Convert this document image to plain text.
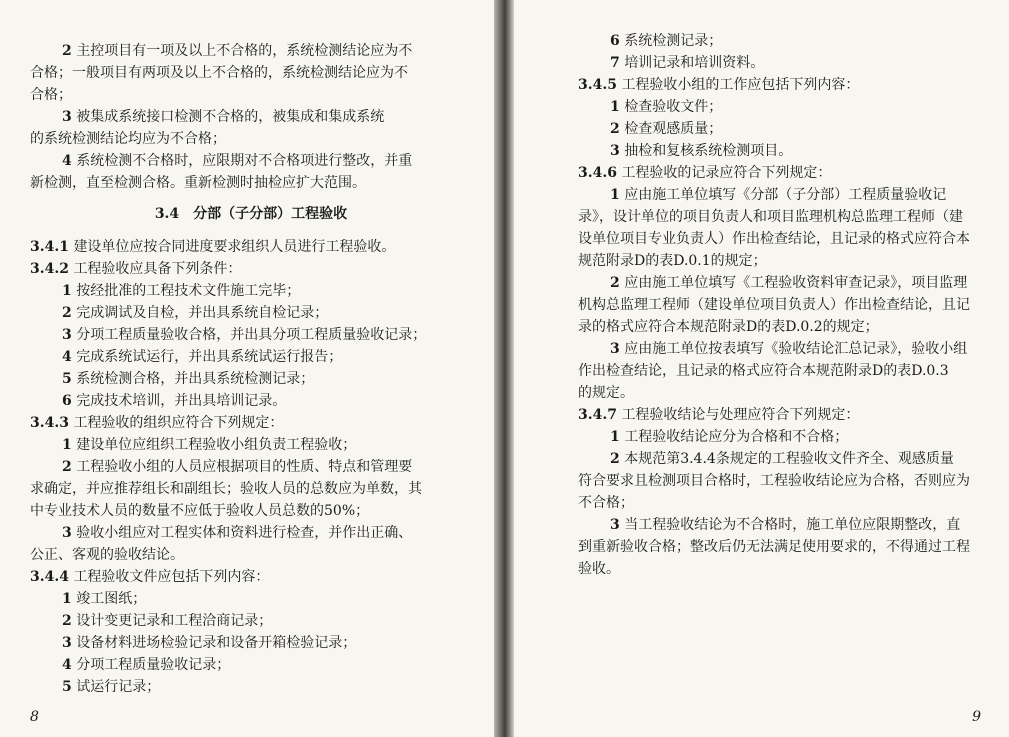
2 主控项目有一项及以上不合格的，系统检测结论应为不
合格；一般项目有两项及以上不合格的，系统检测结论应为不
合格；
3 被集成系统接口检测不合格的，被集成和集成系统
的系统检测结论均应为不合格；
4 系统检测不合格时，应限期对不合格项进行整改，并重
新检测，直至检测合格。重新检测时抽检应扩大范围。
3.4　分部（子分部）工程验收
3.4.1 建设单位应按合同进度要求组织人员进行工程验收。
3.4.2 工程验收应具备下列条件：
1 按经批准的工程技术文件施工完毕；
2 完成调试及自检，并出具系统自检记录；
3 分项工程质量验收合格，并出具分项工程质量验收记录；
4 完成系统试运行，并出具系统试运行报告；
5 系统检测合格，并出具系统检测记录；
6 完成技术培训，并出具培训记录。
3.4.3 工程验收的组织应符合下列规定：
1 建设单位应组织工程验收小组负责工程验收；
2 工程验收小组的人员应根据项目的性质、特点和管理要
求确定，并应推荐组长和副组长；验收人员的总数应为单数，其
中专业技术人员的数量不应低于验收人员总数的50%；
3 验收小组应对工程实体和资料进行检查，并作出正确、
公正、客观的验收结论。
3.4.4 工程验收文件应包括下列内容：
1 竣工图纸；
2 设计变更记录和工程洽商记录；
3 设备材料进场检验记录和设备开箱检验记录；
4 分项工程质量验收记录；
5 试运行记录；
8
6 系统检测记录；
7 培训记录和培训资料。
3.4.5 工程验收小组的工作应包括下列内容：
1 检查验收文件；
2 检查观感质量；
3 抽检和复核系统检测项目。
3.4.6 工程验收的记录应符合下列规定：
1 应由施工单位填写《分部（子分部）工程质量验收记
录》，设计单位的项目负责人和项目监理机构总监理工程师（建
设单位项目专业负责人）作出检查结论，且记录的格式应符合本
规范附录D的表D.0.1的规定；
2 应由施工单位填写《工程验收资料审查记录》，项目监理
机构总监理工程师（建设单位项目负责人）作出检查结论，且记
录的格式应符合本规范附录D的表D.0.2的规定；
3 应由施工单位按表填写《验收结论汇总记录》，验收小组
作出检查结论，且记录的格式应符合本规范附录D的表D.0.3
的规定。
3.4.7 工程验收结论与处理应符合下列规定：
1 工程验收结论应分为合格和不合格；
2 本规范第3.4.4条规定的工程验收文件齐全、观感质量
符合要求且检测项目合格时，工程验收结论应为合格，否则应为
不合格；
3 当工程验收结论为不合格时，施工单位应限期整改，直
到重新验收合格；整改后仍无法满足使用要求的，不得通过工程
验收。
9
